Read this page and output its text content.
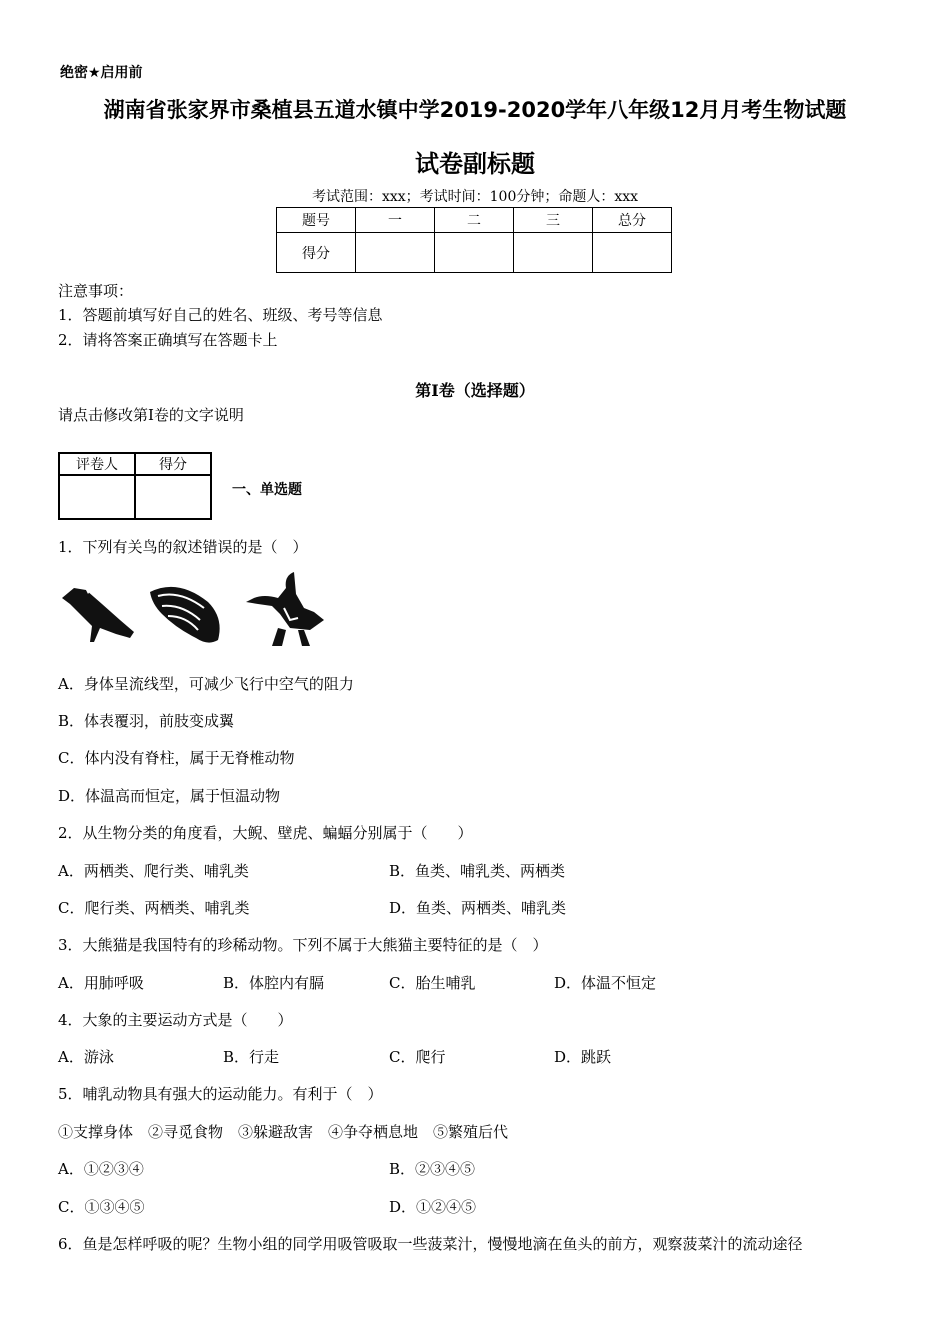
绝密★启用前
湖南省张家界市桑植县五道水镇中学2019-2020学年八年级12月月考生物试题
试卷副标题
考试范围：xxx；考试时间：100分钟；命题人：xxx
题号	一	二	三	总分
得分				
注意事项：
1．答题前填写好自己的姓名、班级、考号等信息
2．请将答案正确填写在答题卡上
第I卷（选择题）
请点击修改第I卷的文字说明
评卷人	得分

一、单选题
1．下列有关鸟的叙述错误的是（　）
A．身体呈流线型，可减少飞行中空气的阻力
B．体表覆羽，前肢变成翼
C．体内没有脊柱，属于无脊椎动物
D．体温高而恒定，属于恒温动物
2．从生物分类的角度看，大鲵、壁虎、蝙蝠分别属于（　　）
A．两栖类、爬行类、哺乳类	B．鱼类、哺乳类、两栖类
C．爬行类、两栖类、哺乳类	D．鱼类、两栖类、哺乳类
3．大熊猫是我国特有的珍稀动物。下列不属于大熊猫主要特征的是（　）
A．用肺呼吸	B．体腔内有膈	C．胎生哺乳	D．体温不恒定
4．大象的主要运动方式是（　　）
A．游泳	B．行走	C．爬行	D．跳跃
5．哺乳动物具有强大的运动能力。有利于（　）
①支撑身体　②寻觅食物　③躲避敌害　④争夺栖息地　⑤繁殖后代
A．①②③④	B．②③④⑤
C．①③④⑤	D．①②④⑤
6．鱼是怎样呼吸的呢？生物小组的同学用吸管吸取一些菠菜汁，慢慢地滴在鱼头的前方，观察菠菜汁的流动途径
